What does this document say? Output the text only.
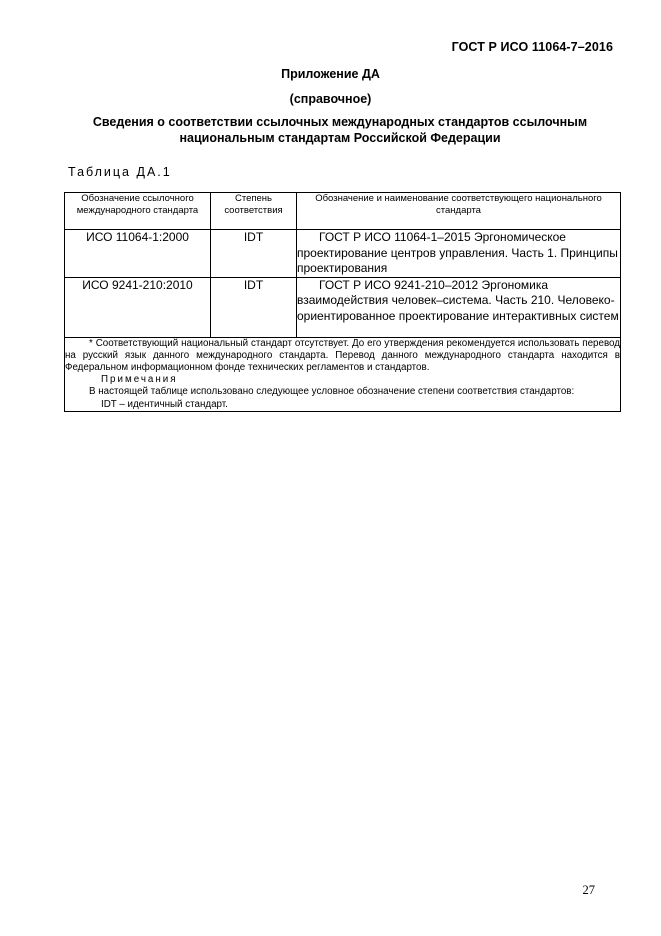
ГОСТ Р ИСО 11064-7–2016
Приложение ДА
(справочное)
Сведения о соответствии ссылочных международных стандартов ссылочным национальным стандартам Российской Федерации
Таблица ДА.1
Обозначение ссылочного международного стандарта	Степень соответствия	Обозначение и наименование соответствующего национального стандарта
ИСО 11064-1:2000	IDT	ГОСТ Р ИСО 11064-1–2015 Эргономическое проектирование центров управления. Часть 1. Принципы проектирования
ИСО 9241-210:2010	IDT	ГОСТ Р ИСО 9241-210–2012 Эргономика взаимодействия человек–система. Часть 210. Человеко-ориентированное проектирование интерактивных систем

* Соответствующий национальный стандарт отсутствует. До его утверждения рекомендуется использовать перевод на русский язык данного международного стандарта. Перевод данного международного стандарта находится в Федеральном информационном фонде технических регламентов и стандартов.

Примечания

В настоящей таблице использовано следующее условное обозначение степени соответствия стандартов:

IDT – идентичный стандарт.		

27
